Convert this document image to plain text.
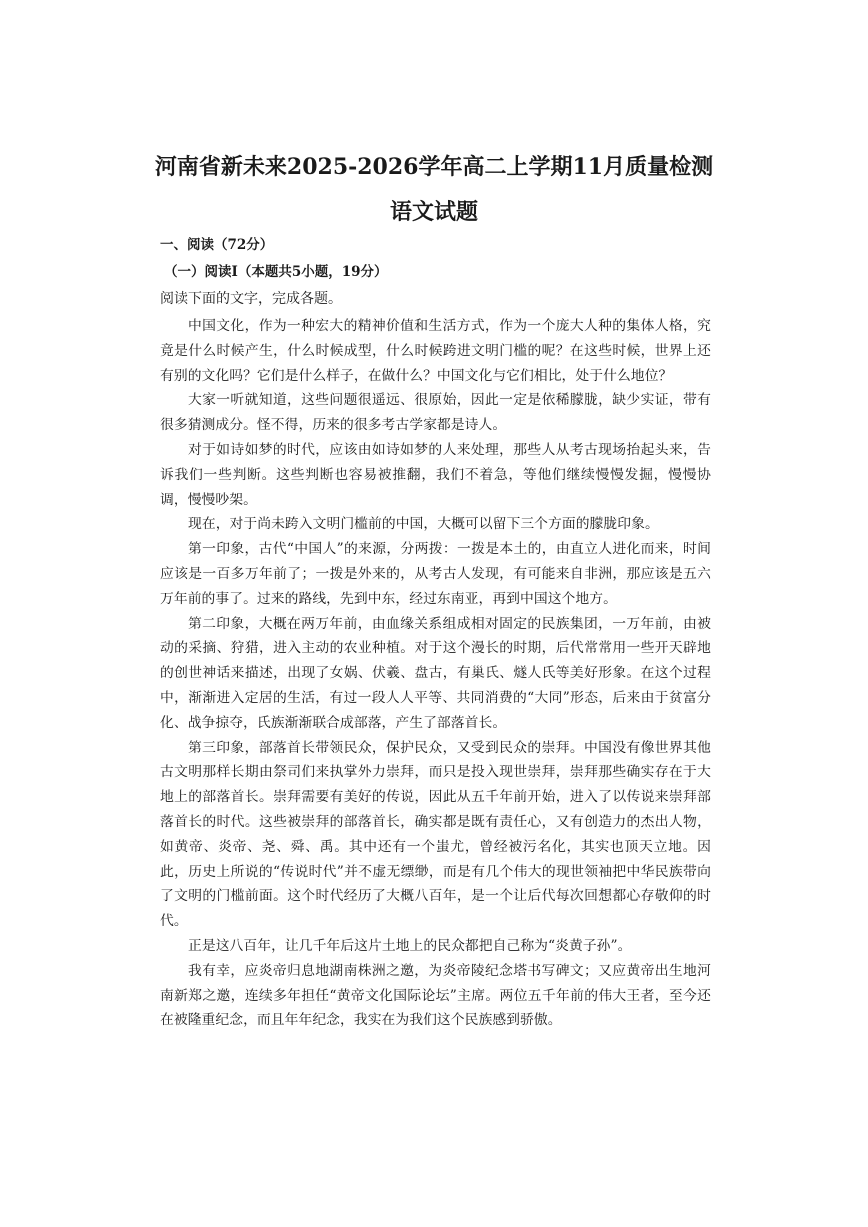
河南省新未来2025-2026学年高二上学期11月质量检测
语文试题

一、阅读（72分）

（一）阅读Ⅰ（本题共5小题，19分）

阅读下面的文字，完成各题。

中国文化，作为一种宏大的精神价值和生活方式，作为一个庞大人种的集体人格，究竟是什么时候产生，什么时候成型，什么时候跨进文明门槛的呢？在这些时候，世界上还有别的文化吗？它们是什么样子，在做什么？中国文化与它们相比，处于什么地位？

大家一听就知道，这些问题很遥远、很原始，因此一定是依稀朦胧，缺少实证，带有很多猜测成分。怪不得，历来的很多考古学家都是诗人。

对于如诗如梦的时代，应该由如诗如梦的人来处理，那些人从考古现场抬起头来，告诉我们一些判断。这些判断也容易被推翻，我们不着急，等他们继续慢慢发掘，慢慢协调，慢慢吵架。

现在，对于尚未跨入文明门槛前的中国，大概可以留下三个方面的朦胧印象。

第一印象，古代“中国人”的来源，分两拨：一拨是本土的，由直立人进化而来，时间应该是一百多万年前了；一拨是外来的，从考古人发现，有可能来自非洲，那应该是五六万年前的事了。过来的路线，先到中东，经过东南亚，再到中国这个地方。

第二印象，大概在两万年前，由血缘关系组成相对固定的民族集团，一万年前，由被动的采摘、狩猎，进入主动的农业种植。对于这个漫长的时期，后代常常用一些开天辟地的创世神话来描述，出现了女娲、伏羲、盘古，有巢氏、燧人氏等美好形象。在这个过程中，渐渐进入定居的生活，有过一段人人平等、共同消费的“大同”形态，后来由于贫富分化、战争掠夺，氏族渐渐联合成部落，产生了部落首长。

第三印象，部落首长带领民众，保护民众，又受到民众的崇拜。中国没有像世界其他古文明那样长期由祭司们来执掌外力崇拜，而只是投入现世崇拜，崇拜那些确实存在于大地上的部落首长。崇拜需要有美好的传说，因此从五千年前开始，进入了以传说来崇拜部落首长的时代。这些被崇拜的部落首长，确实都是既有责任心，又有创造力的杰出人物，如黄帝、炎帝、尧、舜、禹。其中还有一个蚩尤，曾经被污名化，其实也顶天立地。因此，历史上所说的“传说时代”并不虚无缥缈，而是有几个伟大的现世领袖把中华民族带向了文明的门槛前面。这个时代经历了大概八百年，是一个让后代每次回想都心存敬仰的时代。

正是这八百年，让几千年后这片土地上的民众都把自己称为“炎黄子孙”。

我有幸，应炎帝归息地湖南株洲之邀，为炎帝陵纪念塔书写碑文；又应黄帝出生地河南新郑之邀，连续多年担任“黄帝文化国际论坛”主席。两位五千年前的伟大王者，至今还在被隆重纪念，而且年年纪念，我实在为我们这个民族感到骄傲。
